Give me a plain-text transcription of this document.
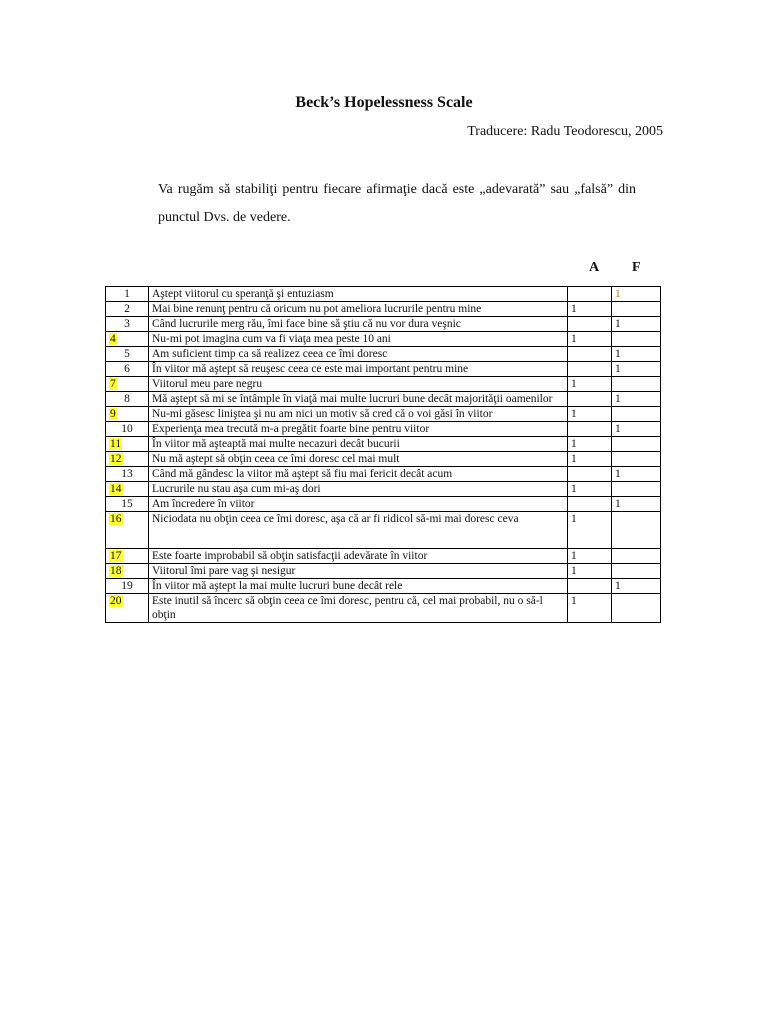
Beck’s Hopelessness Scale
Traducere: Radu Teodorescu, 2005
Va rugăm să stabiliţi pentru fiecare afirmaţie dacă este „adevarată” sau „falsă” din punctul Dvs. de vedere.
A F
1	Aştept viitorul cu speranţă şi entuziasm		1
2	Mai bine renunţ pentru că oricum nu pot ameliora lucrurile pentru mine	1	
3	Când lucrurile merg rău, îmi face bine să ştiu că nu vor dura veşnic		1

4	Nu-mi pot imagina cum va fi viaţa mea peste 10 ani	1	
5	Am suficient timp ca să realizez ceea ce îmi doresc		1
6	În viitor mă aştept să reuşesc ceea ce este mai important pentru mine		1

7	Viitorul meu pare negru	1	
8	Mă aştept să mi se întâmple în viaţă mai multe lucruri bune decât majorităţii oamenilor		1

9	Nu-mi găsesc liniştea şi nu am nici un motiv să cred că o voi găsi în viitor	1	
10	Experienţa mea trecută m-a pregătit foarte bine pentru viitor		1

11	În viitor mă aşteaptă mai multe necazuri decât bucurii	1	

12	Nu mă aştept să obţin ceea ce îmi doresc cel mai mult	1	
13	Când mă gândesc la viitor mă aştept să fiu mai fericit decât acum		1

14	Lucrurile nu stau aşa cum mi-aş dori	1	
15	Am încredere în viitor		1

16	Niciodata nu obţin ceea ce îmi doresc, aşa că ar fi ridicol să-mi mai doresc ceva	1	

17	Este foarte improbabil să obţin satisfacţii adevărate în viitor	1	

18	Viitorul îmi pare vag şi nesigur	1	
19	În viitor mă aştept la mai multe lucruri bune decât rele		1

20	Este inutil să încerc să obţin ceea ce îmi doresc, pentru că, cel mai probabil, nu o să-l obţin	1	
